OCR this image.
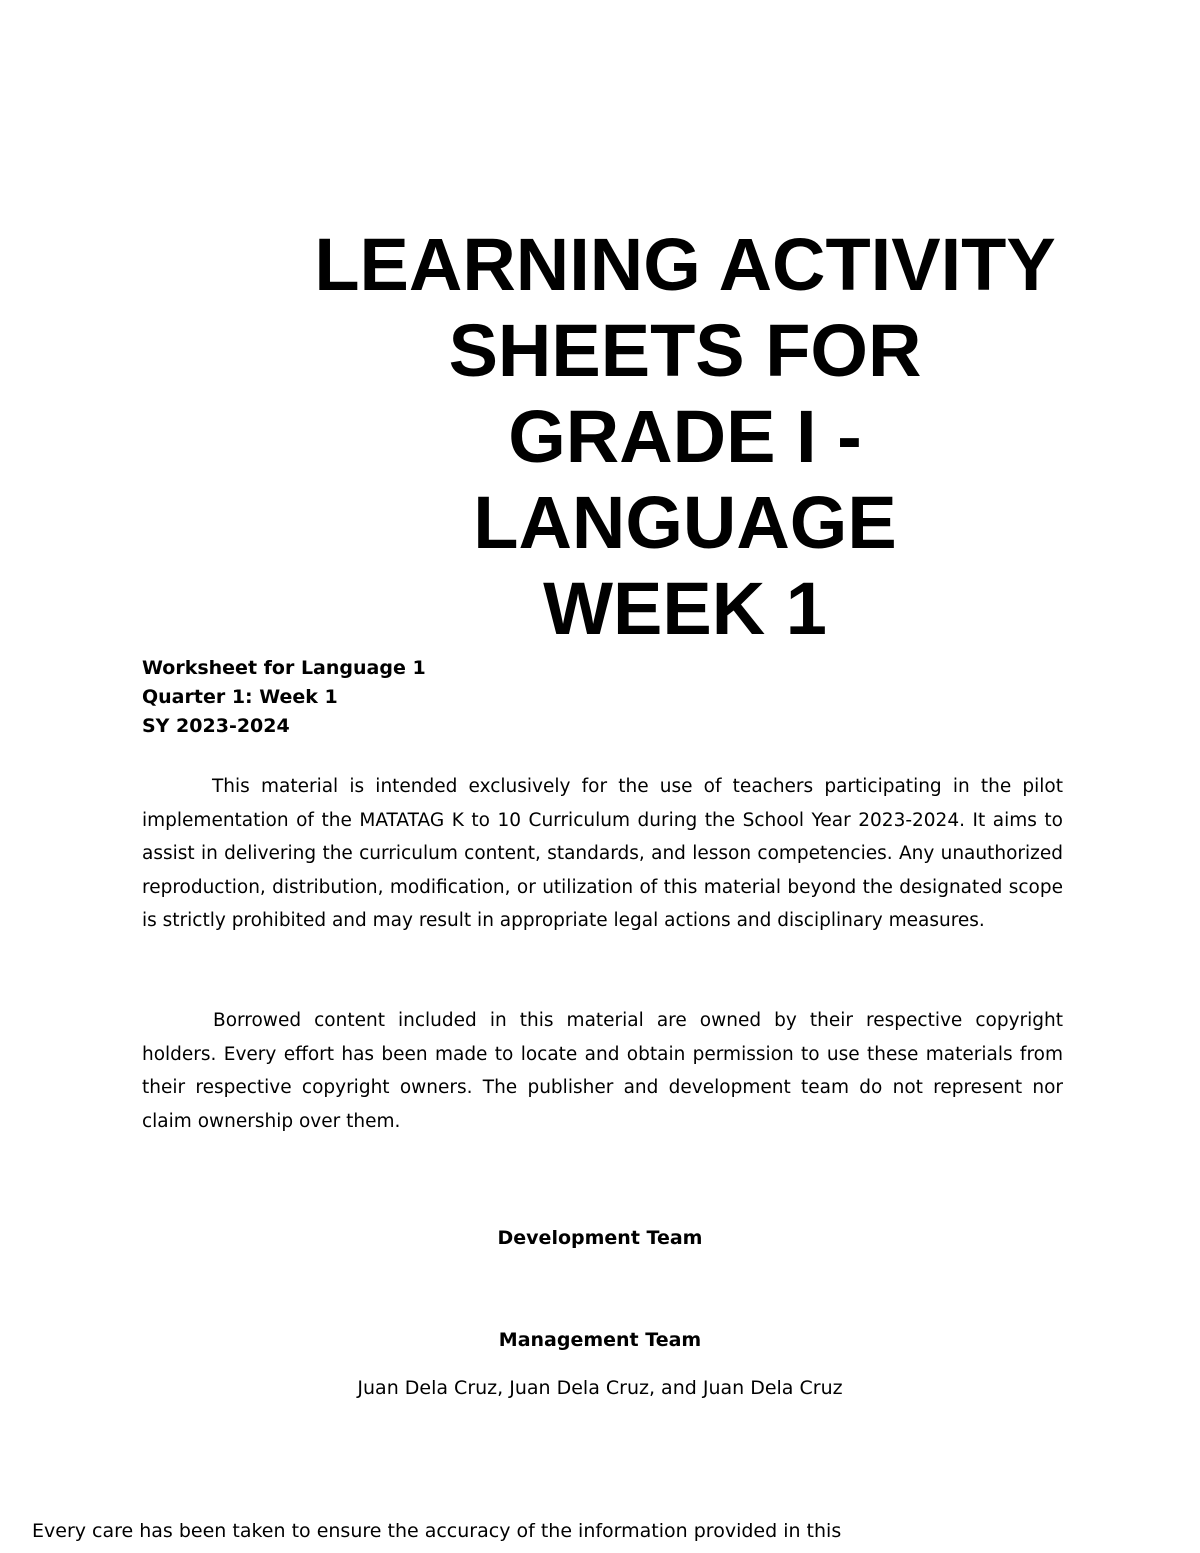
LEARNING ACTIVITY
SHEETS FOR
GRADE I -
LANGUAGE
WEEK 1
Worksheet for Language 1
Quarter 1: Week 1
SY 2023-2024

This material is intended exclusively for the use of teachers participating in the pilot implementation of the MATATAG K to 10 Curriculum during the School Year 2023-2024. It aims to assist in delivering the curriculum content, standards, and lesson competencies. Any unauthorized reproduction, distribution, modification, or utilization of this material beyond the designated scope is strictly prohibited and may result in appropriate legal actions and disciplinary measures.

Borrowed content included in this material are owned by their respective copyright holders. Every effort has been made to locate and obtain permission to use these materials from their respective copyright owners. The publisher and development team do not represent nor claim ownership over them.

Development Team
Management Team
Juan Dela Cruz, Juan Dela Cruz, and Juan Dela Cruz
Every care has been taken to ensure the accuracy of the information provided in this
